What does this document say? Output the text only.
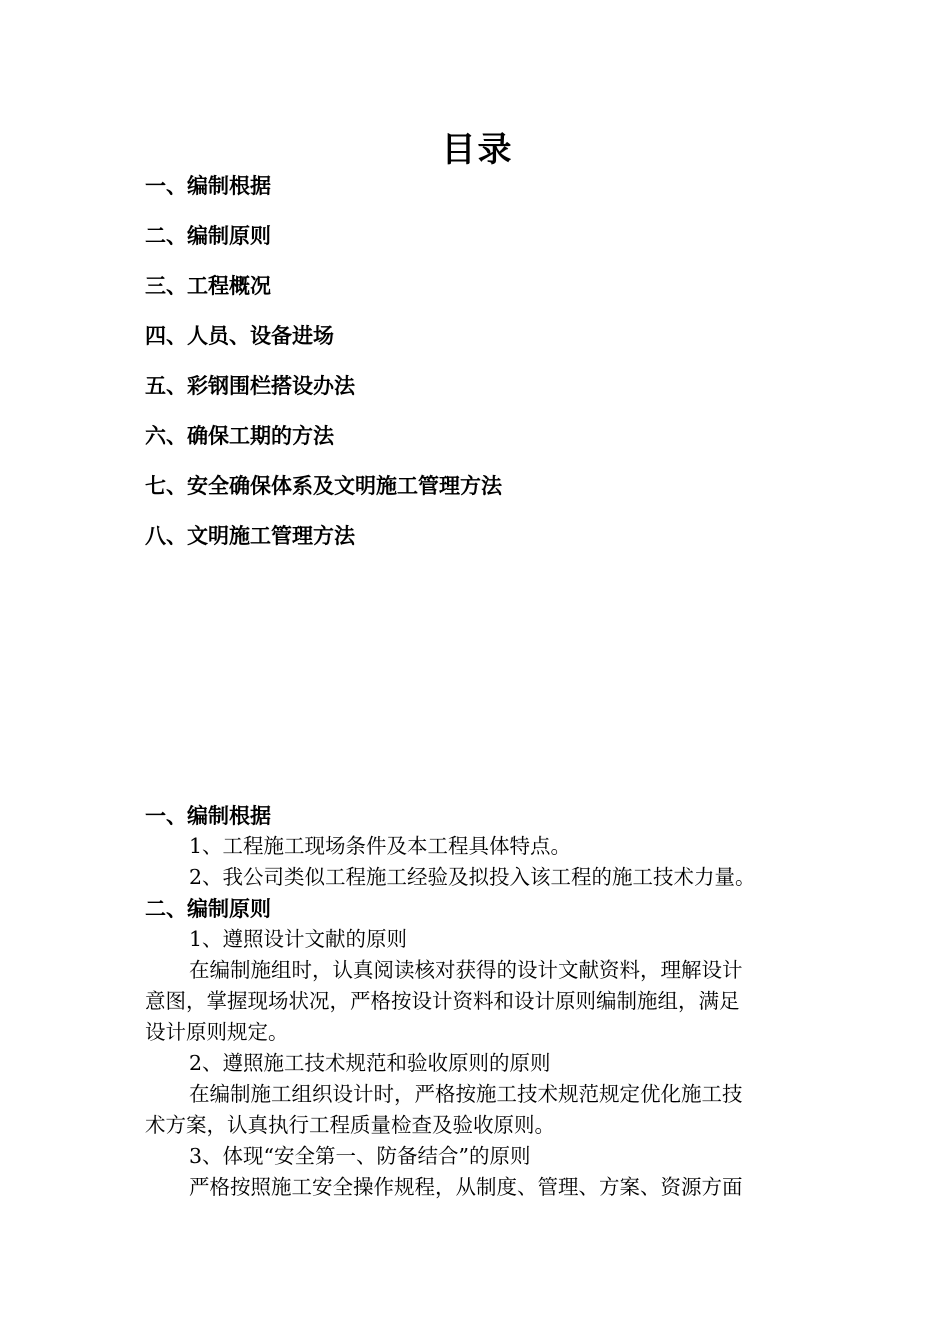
目录
一、编制根据
二、编制原则
三、工程概况
四、人员、设备进场
五、彩钢围栏搭设办法
六、确保工期的方法
七、安全确保体系及文明施工管理方法
八、文明施工管理方法
一、编制根据
1、工程施工现场条件及本工程具体特点。
2、我公司类似工程施工经验及拟投入该工程的施工技术力量。
二、编制原则
1、遵照设计文献的原则
在编制施组时，认真阅读核对获得的设计文献资料，理解设计
意图，掌握现场状况，严格按设计资料和设计原则编制施组，满足
设计原则规定。
2、遵照施工技术规范和验收原则的原则
在编制施工组织设计时，严格按施工技术规范规定优化施工技
术方案，认真执行工程质量检查及验收原则。
3、体现“安全第一、防备结合”的原则
严格按照施工安全操作规程，从制度、管理、方案、资源方面
